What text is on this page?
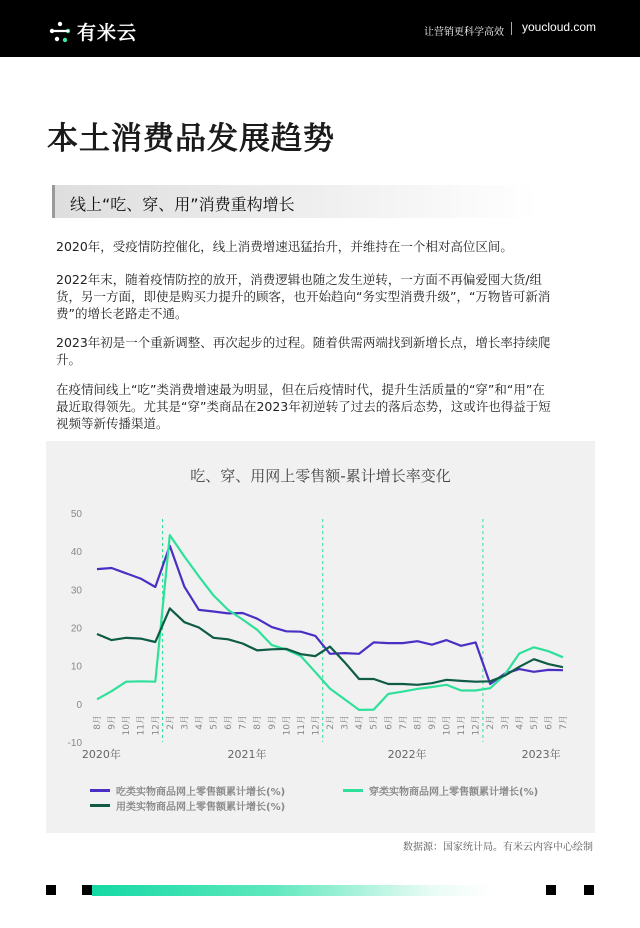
有米云	让营销更科学高效 youcloud.com
本土消费品发展趋势
线上“吃、穿、用”消费重构增长

2020年，受疫情防控催化，线上消费增速迅猛抬升，并维持在一个相对高位区间。

2022年末，随着疫情防控的放开，消费逻辑也随之发生逆转，一方面不再偏爱囤大货/组货，另一方面，即使是购买力提升的顾客，也开始趋向“务实型消费升级”，“万物皆可新消费”的增长老路走不通。

2023年初是一个重新调整、再次起步的过程。随着供需两端找到新增长点，增长率持续爬升。

在疫情间线上“吃”类消费增速最为明显，但在后疫情时代，提升生活质量的“穿”和“用”在最近取得领先。尤其是“穿”类商品在2023年初逆转了过去的落后态势，这或许也得益于短视频等新传播渠道。

吃、穿、用网上零售额-累计增长率变化
50
40
30
20
10
0
-10
8月 9月 10月 11月 12月 2月 3月 4月 5月 6月 7月 8月 9月 10月 11月 12月 2月 3月 4月 5月 6月 7月 8月 9月 10月 11月 12月 2月 3月 4月 5月 6月 7月
2020年	2021年	2022年	2023年
吃类实物商品网上零售额累计增长(%)
用类实物商品网上零售额累计增长(%)
穿类实物商品网上零售额累计增长(%)
数据源：国家统计局。有米云内容中心绘制
